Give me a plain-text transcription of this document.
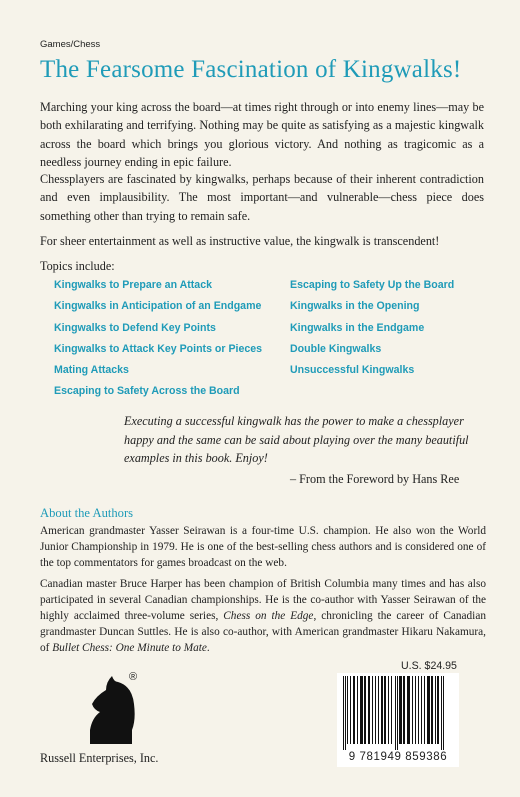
Games/Chess
The Fearsome Fascination of Kingwalks!

Marching your king across the board—at times right through or into enemy lines—may be both exhilarating and terrifying. Nothing may be quite as satisfying as a majestic kingwalk across the board which brings you glorious victory. And nothing as tragicomic as a needless journey ending in epic failure.

Chessplayers are fascinated by kingwalks, perhaps because of their inherent contradiction and even implausibility. The most important—and vulnerable—chess piece does something other than trying to remain safe.

For sheer entertainment as well as instructive value, the kingwalk is transcendent!

Topics include:
Kingwalks to Prepare an Attack
Kingwalks in Anticipation of an Endgame
Kingwalks to Defend Key Points
Kingwalks to Attack Key Points or Pieces
Mating Attacks
Escaping to Safety Across the Board
Escaping to Safety Up the Board
Kingwalks in the Opening
Kingwalks in the Endgame
Double Kingwalks
Unsuccessful Kingwalks

Executing a successful kingwalk has the power to make a chessplayer happy and the same can be said about playing over the many beautiful examples in this book. Enjoy!

– From the Foreword by Hans Ree
About the Authors

American grandmaster Yasser Seirawan is a four-time U.S. champion. He also won the World Junior Championship in 1979. He is one of the best-selling chess authors and is considered one of the top commentators for games broadcast on the web.

Canadian master Bruce Harper has been champion of British Columbia many times and has also participated in several Canadian championships. He is the co-author with Yasser Seirawan of the highly acclaimed three-volume series, Chess on the Edge, chronicling the career of Canadian grandmaster Duncan Suttles. He is also co-author, with American grandmaster Hikaru Nakamura, of Bullet Chess: One Minute to Mate.

®
Russell Enterprises, Inc.
U.S. $24.95
9 781949 859386
